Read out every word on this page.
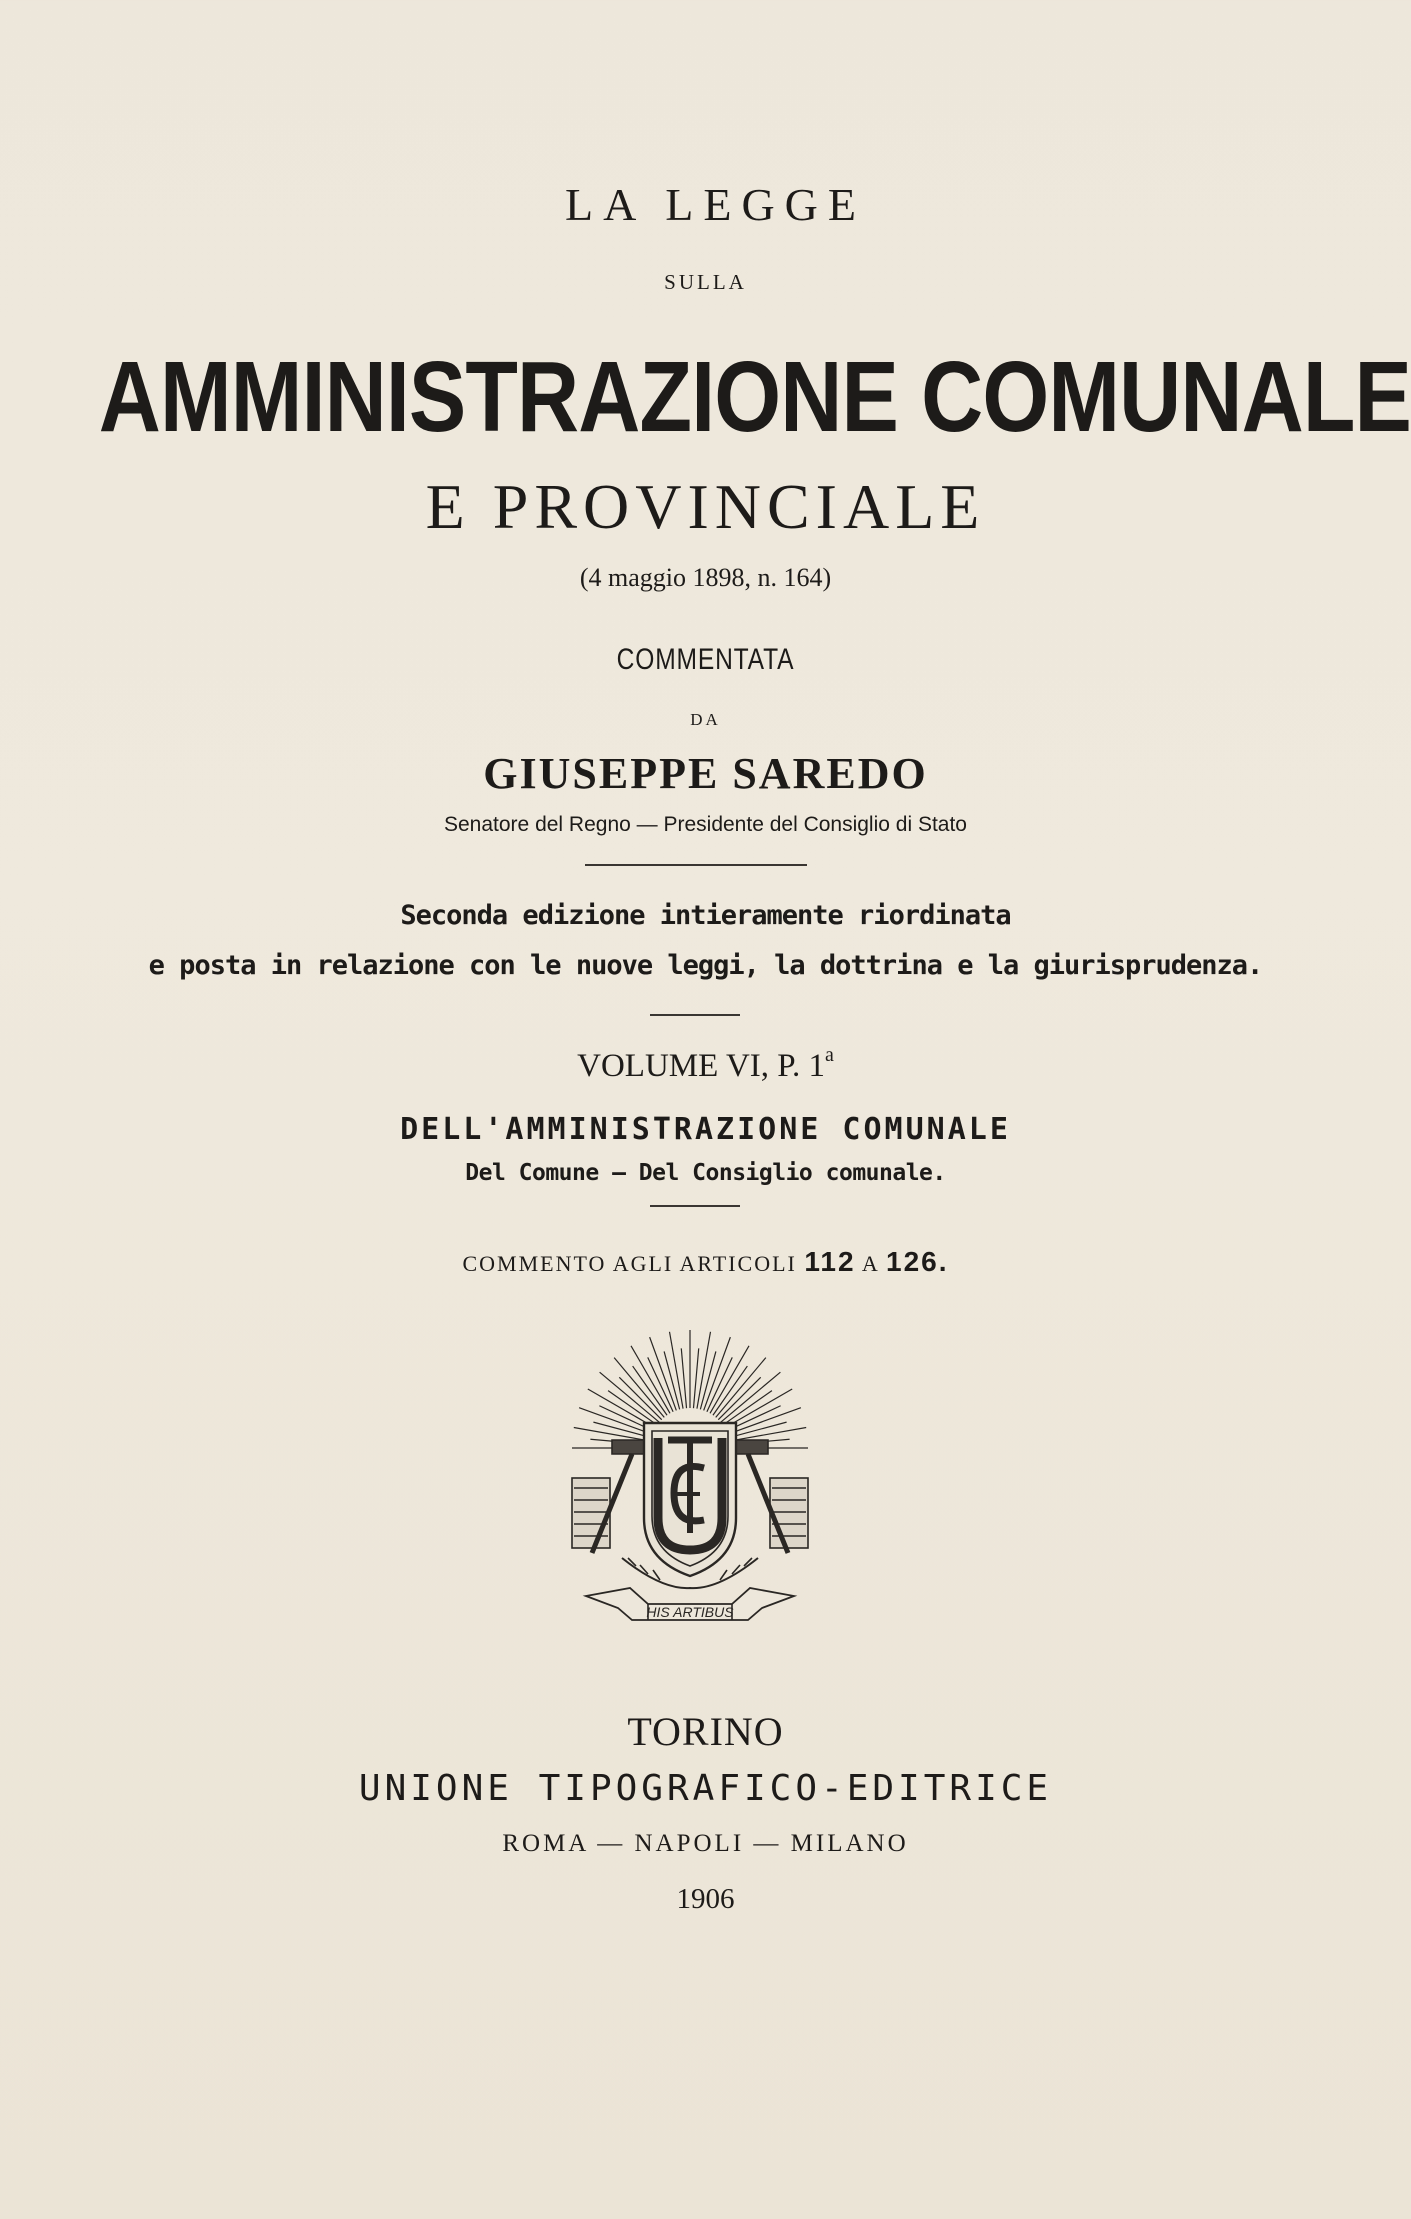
LA LEGGE
SULLA
AMMINISTRAZIONE COMUNALE
E PROVINCIALE
(4 maggio 1898, n. 164)
COMMENTATA
DA
GIUSEPPE SAREDO
Senatore del Regno — Presidente del Consiglio di Stato
Seconda edizione intieramente riordinata
e posta in relazione con le nuove leggi, la dottrina e la giurisprudenza.
VOLUME VI, P. 1$^a$
DELL'AMMINISTRAZIONE COMUNALE
Del Comune — Del Consiglio comunale.
COMMENTO AGLI ARTICOLI 112 A 126.
HIS ARTIBUS
TORINO
UNIONE TIPOGRAFICO-EDITRICE
ROMA — NAPOLI — MILANO
1906
